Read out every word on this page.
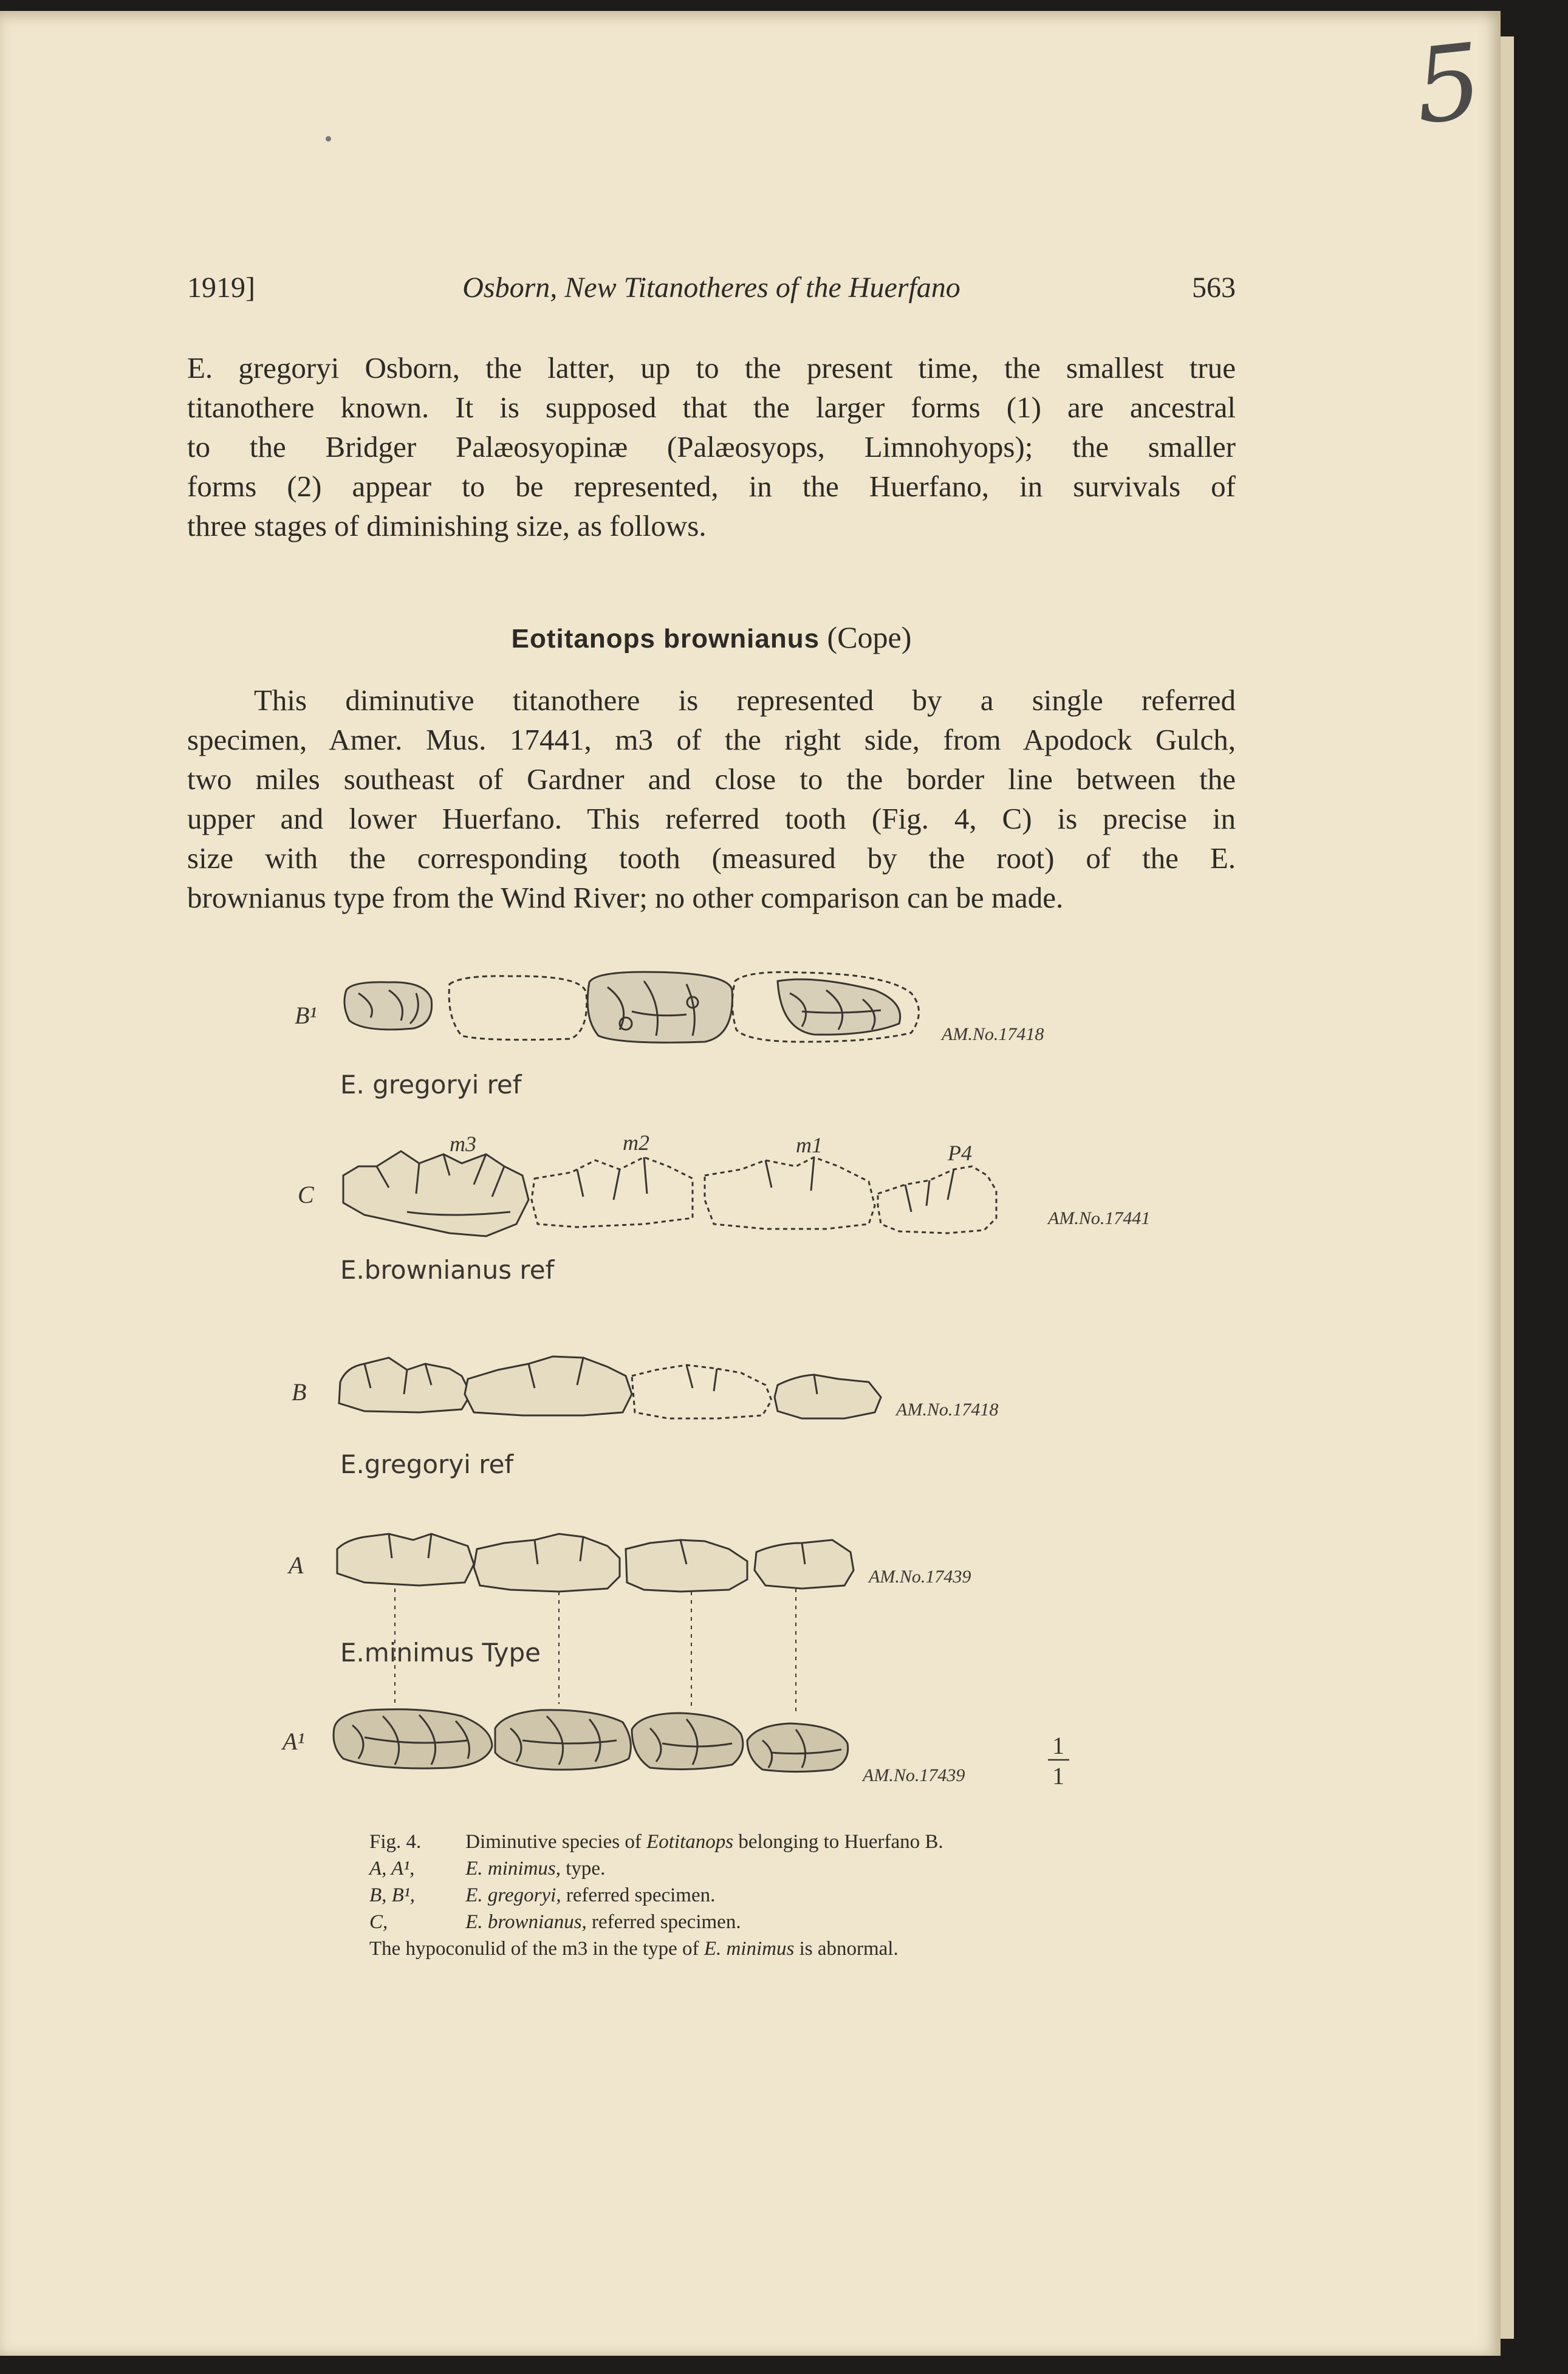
5
1919]	Osborn, New Titanotheres of the Huerfano	563
E. gregoryi Osborn, the latter, up to the present time, the smallest true
titanothere known. It is supposed that the larger forms (1) are ancestral
to the Bridger Palæosyopinæ (Palæosyops, Limnohyops); the smaller
forms (2) appear to be represented, in the Huerfano, in survivals of
three stages of diminishing size, as follows.
Eotitanops brownianus (Cope)
This diminutive titanothere is represented by a single referred
specimen, Amer. Mus. 17441, m3 of the right side, from Apodock Gulch,
two miles southeast of Gardner and close to the border line between the
upper and lower Huerfano. This referred tooth (Fig. 4, C) is precise in
size with the corresponding tooth (measured by the root) of the E.
brownianus type from the Wind River; no other comparison can be made.
B¹
C
B
A
A¹
AM.No.17418
AM.No.17441
AM.No.17418
AM.No.17439
AM.No.17439
E. gregoryi ref
E.brownianus ref
E.gregoryi ref
E.minimus Type
m3	m2	m1	P4
1
1
Fig. 4. Diminutive species of Eotitanops belonging to Huerfano B.
A, A¹,	E. minimus, type.
B, B¹,	E. gregoryi, referred specimen.
C,	E. brownianus, referred specimen.
The hypoconulid of the m3 in the type of E. minimus is abnormal.
